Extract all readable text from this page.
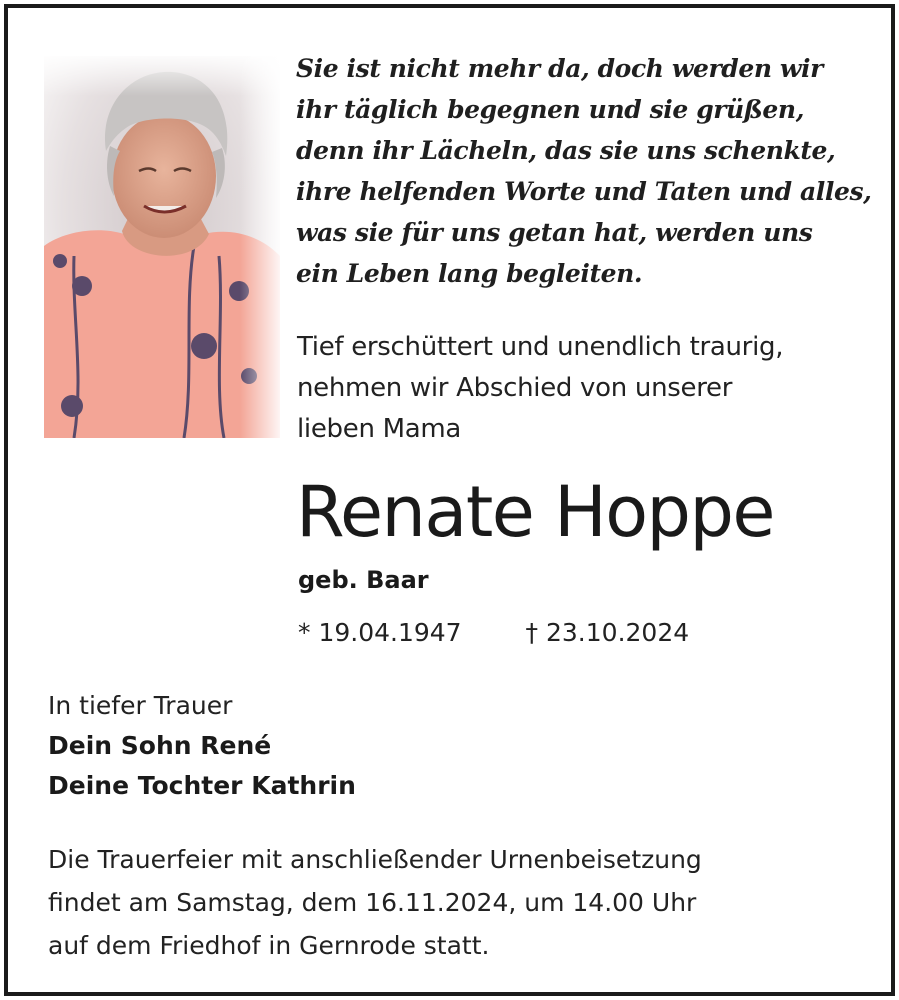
Sie ist nicht mehr da, doch werden wir
ihr täglich begegnen und sie grüßen,
denn ihr Lächeln, das sie uns schenkte,
ihre helfenden Worte und Taten und alles,
was sie für uns getan hat, werden uns
ein Leben lang begleiten.
Tief erschüttert und unendlich traurig,
nehmen wir Abschied von unserer
lieben Mama
Renate Hoppe
geb. Baar
* 19.04.1947	† 23.10.2024
In tiefer Trauer
Dein Sohn René
Deine Tochter Kathrin
Die Trauerfeier mit anschließender Urnenbeisetzung
findet am Samstag, dem 16.11.2024, um 14.00 Uhr
auf dem Friedhof in Gernrode statt.
